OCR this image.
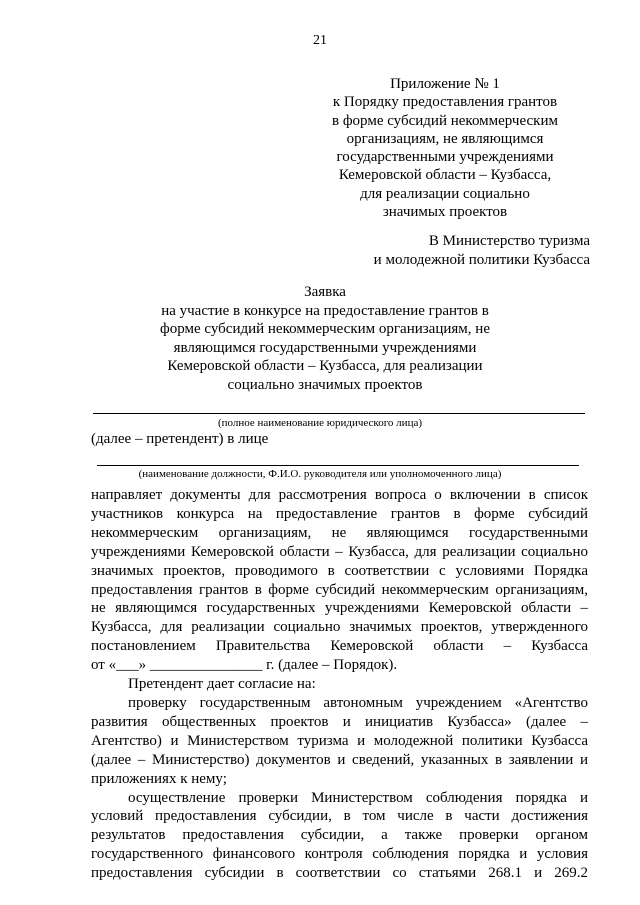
21
Приложение № 1
к Порядку предоставления грантов
в форме субсидий некоммерческим
организациям, не являющимся
государственными учреждениями
Кемеровской области – Кузбасса,
для реализации социально
значимых проектов
В Министерство туризма
и молодежной политики Кузбасса
Заявка
на участие в конкурсе на предоставление грантов в
форме субсидий некоммерческим организациям, не
являющимся государственными учреждениями
Кемеровской области – Кузбасса, для реализации
социально значимых проектов
(полное наименование юридического лица)
(далее – претендент) в лице
(наименование должности, Ф.И.О. руководителя или уполномоченного лица)

направляет документы для рассмотрения вопроса о включении в список

участников конкурса на предоставление грантов в форме субсидий

некоммерческим организациям, не являющимся государственными

учреждениями Кемеровской области – Кузбасса, для реализации социально

значимых проектов, проводимого в соответствии с условиями Порядка

предоставления грантов в форме субсидий некоммерческим организациям,

не являющимся государственных учреждениями Кемеровской области –

Кузбасса, для реализации социально значимых проектов, утвержденного

постановлением Правительства Кемеровской области – Кузбасса

от «___» _______________ г. (далее – Порядок).

Претендент дает согласие на:

проверку государственным автономным учреждением «Агентство

развития общественных проектов и инициатив Кузбасса» (далее –

Агентство) и Министерством туризма и молодежной политики Кузбасса

(далее – Министерство) документов и сведений, указанных в заявлении и

приложениях к нему;

осуществление проверки Министерством соблюдения порядка и

условий предоставления субсидии, в том числе в части достижения

результатов предоставления субсидии, а также проверки органом

государственного финансового контроля соблюдения порядка и условия

предоставления субсидии в соответствии со статьями 268.1 и 269.2
